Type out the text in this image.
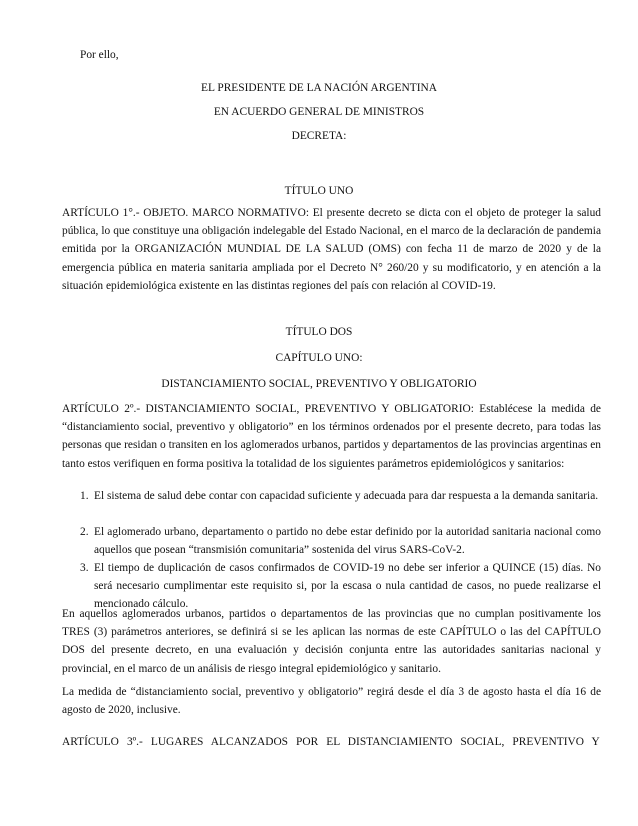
Por ello,
EL PRESIDENTE DE LA NACIÓN ARGENTINA
EN ACUERDO GENERAL DE MINISTROS
DECRETA:
TÍTULO UNO
ARTÍCULO 1°.- OBJETO. MARCO NORMATIVO: El presente decreto se dicta con el objeto de proteger la salud pública, lo que constituye una obligación indelegable del Estado Nacional, en el marco de la declaración de pandemia emitida por la ORGANIZACIÓN MUNDIAL DE LA SALUD (OMS) con fecha 11 de marzo de 2020 y de la emergencia pública en materia sanitaria ampliada por el Decreto N° 260/20 y su modificatorio, y en atención a la situación epidemiológica existente en las distintas regiones del país con relación al COVID-19.
TÍTULO DOS
CAPÍTULO UNO:
DISTANCIAMIENTO SOCIAL, PREVENTIVO Y OBLIGATORIO
ARTÍCULO 2º.- DISTANCIAMIENTO SOCIAL, PREVENTIVO Y OBLIGATORIO: Establécese la medida de “distanciamiento social, preventivo y obligatorio” en los términos ordenados por el presente decreto, para todas las personas que residan o transiten en los aglomerados urbanos, partidos y departamentos de las provincias argentinas en tanto estos verifiquen en forma positiva la totalidad de los siguientes parámetros epidemiológicos y sanitarios:
1. El sistema de salud debe contar con capacidad suficiente y adecuada para dar respuesta a la demanda sanitaria.
2. El aglomerado urbano, departamento o partido no debe estar definido por la autoridad sanitaria nacional como aquellos que posean “transmisión comunitaria” sostenida del virus SARS-CoV-2.
3. El tiempo de duplicación de casos confirmados de COVID-19 no debe ser inferior a QUINCE (15) días. No será necesario cumplimentar este requisito si, por la escasa o nula cantidad de casos, no puede realizarse el mencionado cálculo.
En aquellos aglomerados urbanos, partidos o departamentos de las provincias que no cumplan positivamente los TRES (3) parámetros anteriores, se definirá si se les aplican las normas de este CAPÍTULO o las del CAPÍTULO DOS del presente decreto, en una evaluación y decisión conjunta entre las autoridades sanitarias nacional y provincial, en el marco de un análisis de riesgo integral epidemiológico y sanitario.
La medida de “distanciamiento social, preventivo y obligatorio” regirá desde el día 3 de agosto hasta el día 16 de agosto de 2020, inclusive.
ARTÍCULO 3º.- LUGARES ALCANZADOS POR EL DISTANCIAMIENTO SOCIAL, PREVENTIVO Y
